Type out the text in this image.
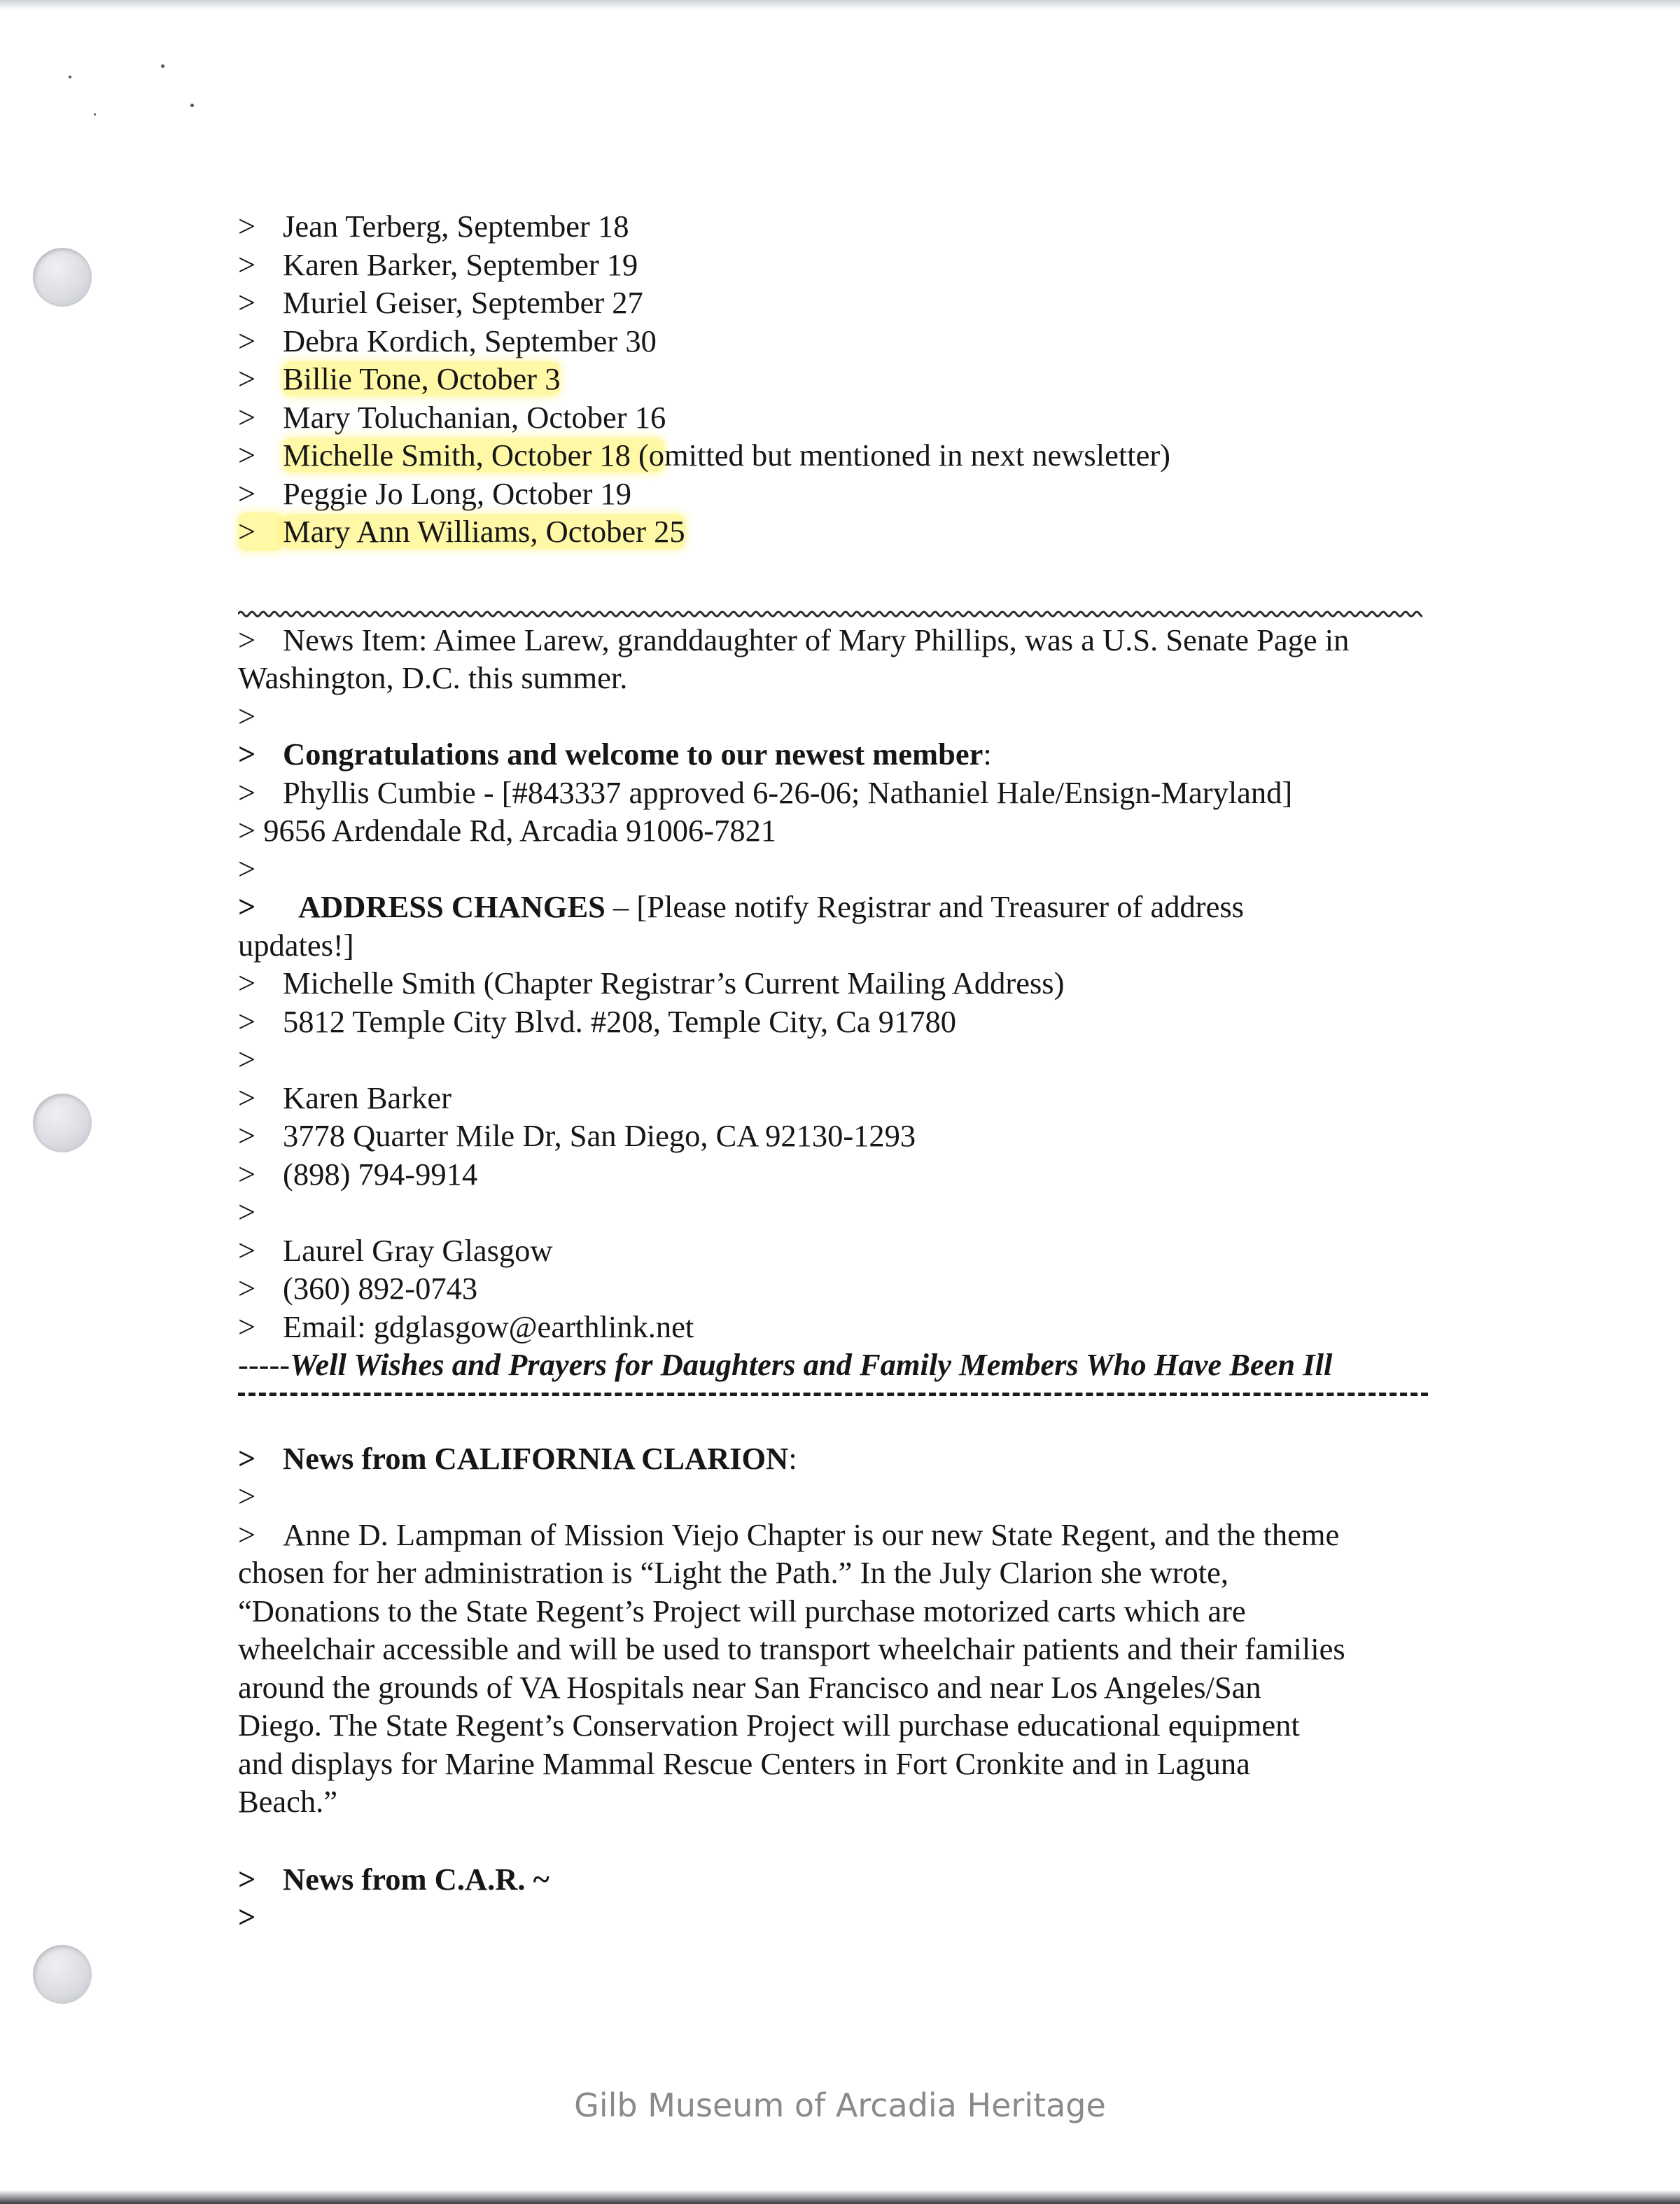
> Jean Terberg, September 18
> Karen Barker, September 19
> Muriel Geiser, September 27
> Debra Kordich, September 30
> Billie Tone, October 3
> Mary Toluchanian, October 16
> Michelle Smith, October 18 (omitted but mentioned in next newsletter)
> Peggie Jo Long, October 19
> Mary Ann Williams, October 25
> News Item: Aimee Larew, granddaughter of Mary Phillips, was a U.S. Senate Page in
Washington, D.C. this summer.
>
> Congratulations and welcome to our newest member:
> Phyllis Cumbie - [#843337 approved 6-26-06; Nathaniel Hale/Ensign-Maryland]
> 9656 Ardendale Rd, Arcadia 91006-7821
>
> ADDRESS CHANGES – [Please notify Registrar and Treasurer of address
updates!]
> Michelle Smith (Chapter Registrar’s Current Mailing Address)
> 5812 Temple City Blvd. #208, Temple City, Ca 91780
>
> Karen Barker
> 3778 Quarter Mile Dr, San Diego, CA 92130-1293
> (898) 794-9914
>
> Laurel Gray Glasgow
> (360) 892-0743
> Email: gdglasgow@earthlink.net
-----Well Wishes and Prayers for Daughters and Family Members Who Have Been Ill
> News from CALIFORNIA CLARION:
>
> Anne D. Lampman of Mission Viejo Chapter is our new State Regent, and the theme
chosen for her administration is “Light the Path.” In the July Clarion she wrote,
“Donations to the State Regent’s Project will purchase motorized carts which are
wheelchair accessible and will be used to transport wheelchair patients and their families
around the grounds of VA Hospitals near San Francisco and near Los Angeles/San
Diego. The State Regent’s Conservation Project will purchase educational equipment
and displays for Marine Mammal Rescue Centers in Fort Cronkite and in Laguna
Beach.”
> News from C.A.R. ~
>
Gilb Museum of Arcadia Heritage
